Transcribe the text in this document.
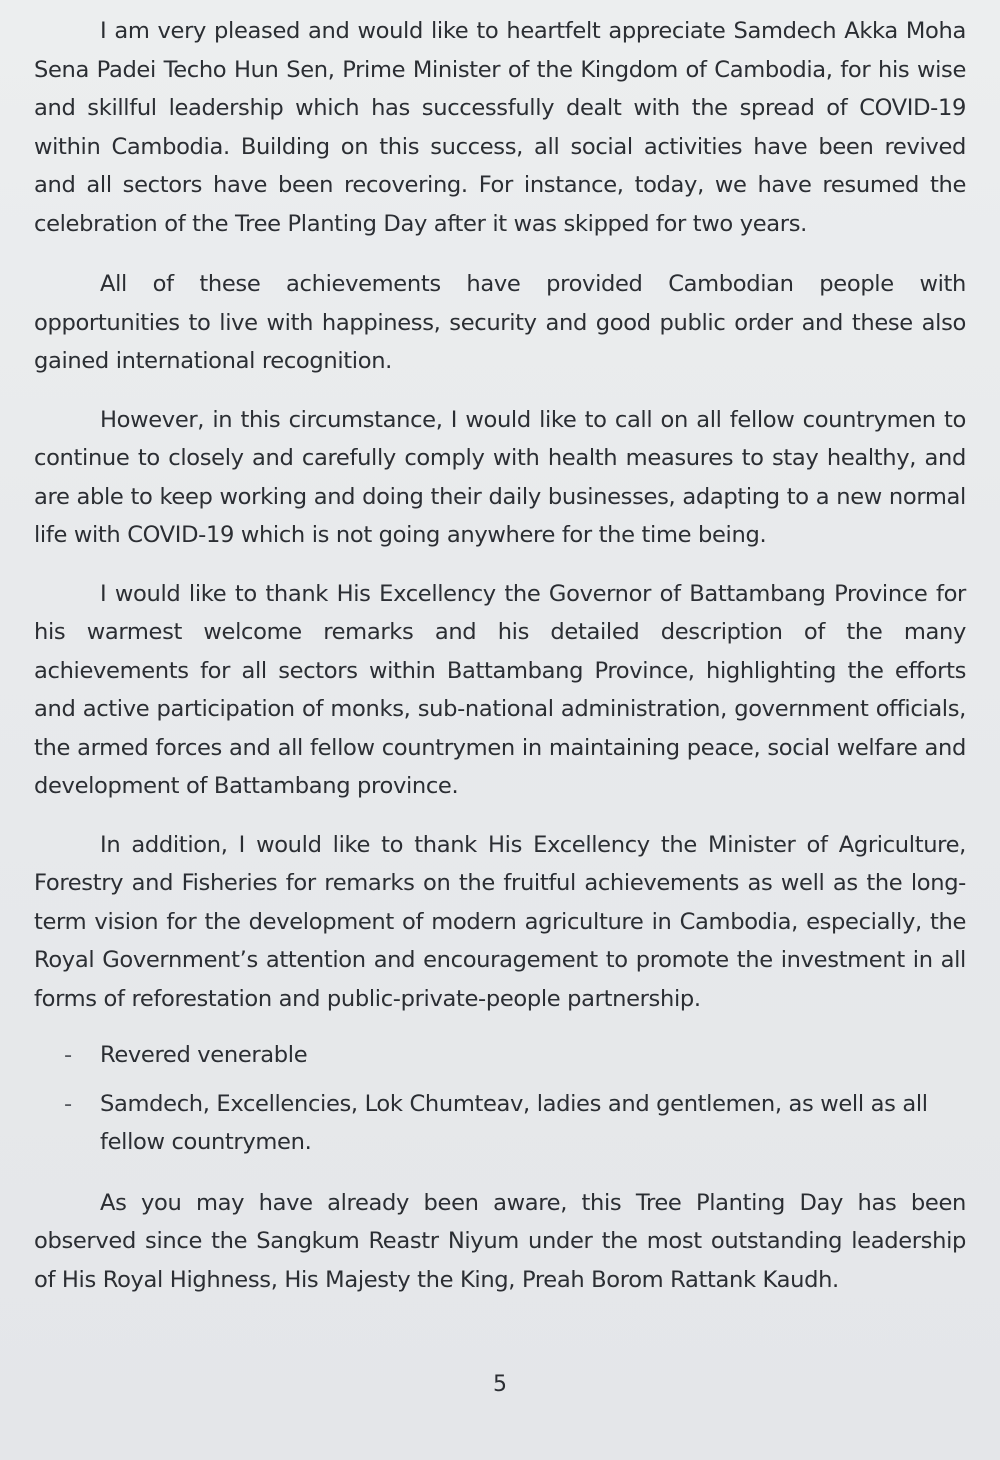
I am very pleased and would like to heartfelt appreciate Samdech Akka Moha Sena Padei Techo Hun Sen, Prime Minister of the Kingdom of Cambodia, for his wise and skillful leadership which has successfully dealt with the spread of COVID-19 within Cambodia. Building on this success, all social activities have been revived and all sectors have been recovering. For instance, today, we have resumed the celebration of the Tree Planting Day after it was skipped for two years.

All of these achievements have provided Cambodian people with opportunities to live with happiness, security and good public order and these also gained international recognition.

However, in this circumstance, I would like to call on all fellow countrymen to continue to closely and carefully comply with health measures to stay healthy, and are able to keep working and doing their daily businesses, adapting to a new normal life with COVID-19 which is not going anywhere for the time being.

I would like to thank His Excellency the Governor of Battambang Province for his warmest welcome remarks and his detailed description of the many achievements for all sectors within Battambang Province, highlighting the efforts and active participation of monks, sub-national administration, government officials, the armed forces and all fellow countrymen in maintaining peace, social welfare and development of Battambang province.

In addition, I would like to thank His Excellency the Minister of Agriculture, Forestry and Fisheries for remarks on the fruitful achievements as well as the long-term vision for the development of modern agriculture in Cambodia, especially, the Royal Government’s attention and encouragement to promote the investment in all forms of reforestation and public-private-people partnership.

- Revered venerable
- Samdech, Excellencies, Lok Chumteav, ladies and gentlemen, as well as all fellow countrymen.

As you may have already been aware, this Tree Planting Day has been observed since the Sangkum Reastr Niyum under the most outstanding leadership of His Royal Highness, His Majesty the King, Preah Borom Rattank Kaudh.

5
